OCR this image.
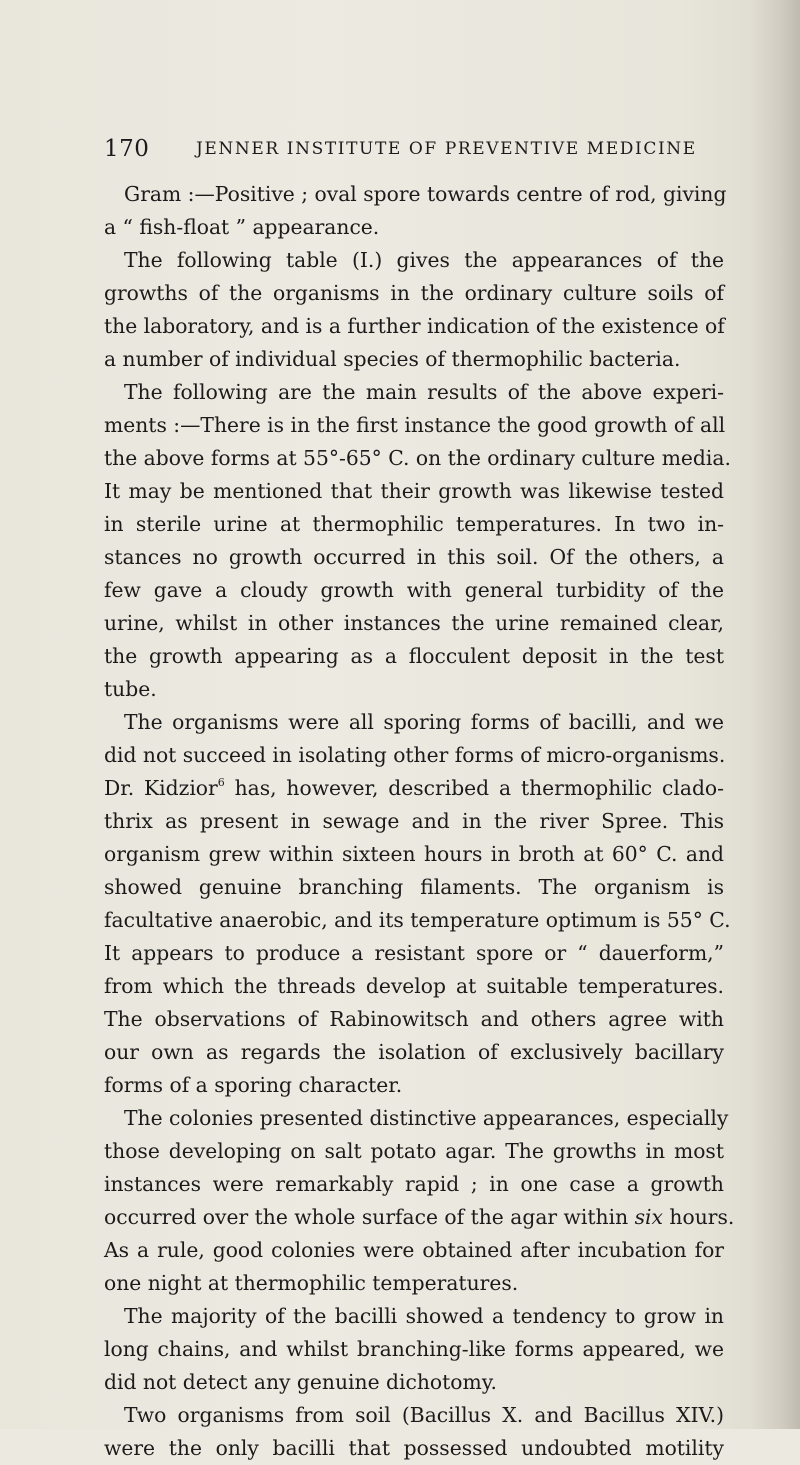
170	JENNER INSTITUTE OF PREVENTIVE MEDICINE
Gram :—Positive ; oval spore towards centre of rod, giving
a “ fish-float ” appearance.
The following table (I.) gives the appearances of the
growths of the organisms in the ordinary culture soils of
the laboratory, and is a further indication of the existence of
a number of individual species of thermophilic bacteria.
The following are the main results of the above experi-
ments :—There is in the first instance the good growth of all
the above forms at 55°-65° C. on the ordinary culture media.
It may be mentioned that their growth was likewise tested
in sterile urine at thermophilic temperatures. In two in-
stances no growth occurred in this soil. Of the others, a
few gave a cloudy growth with general turbidity of the
urine, whilst in other instances the urine remained clear,
the growth appearing as a flocculent deposit in the test
tube.
The organisms were all sporing forms of bacilli, and we
did not succeed in isolating other forms of micro-organisms.
Dr. Kidzior$^6$ has, however, described a thermophilic clado-
thrix as present in sewage and in the river Spree. This
organism grew within sixteen hours in broth at 60° C. and
showed genuine branching filaments. The organism is
facultative anaerobic, and its temperature optimum is 55° C.
It appears to produce a resistant spore or “ dauerform,”
from which the threads develop at suitable temperatures.
The observations of Rabinowitsch and others agree with
our own as regards the isolation of exclusively bacillary
forms of a sporing character.
The colonies presented distinctive appearances, especially
those developing on salt potato agar. The growths in most
instances were remarkably rapid ; in one case a growth
occurred over the whole surface of the agar within six hours.
As a rule, good colonies were obtained after incubation for
one night at thermophilic temperatures.
The majority of the bacilli showed a tendency to grow in
long chains, and whilst branching-like forms appeared, we
did not detect any genuine dichotomy.
Two organisms from soil (Bacillus X. and Bacillus XIV.)
were the only bacilli that possessed undoubted motility
